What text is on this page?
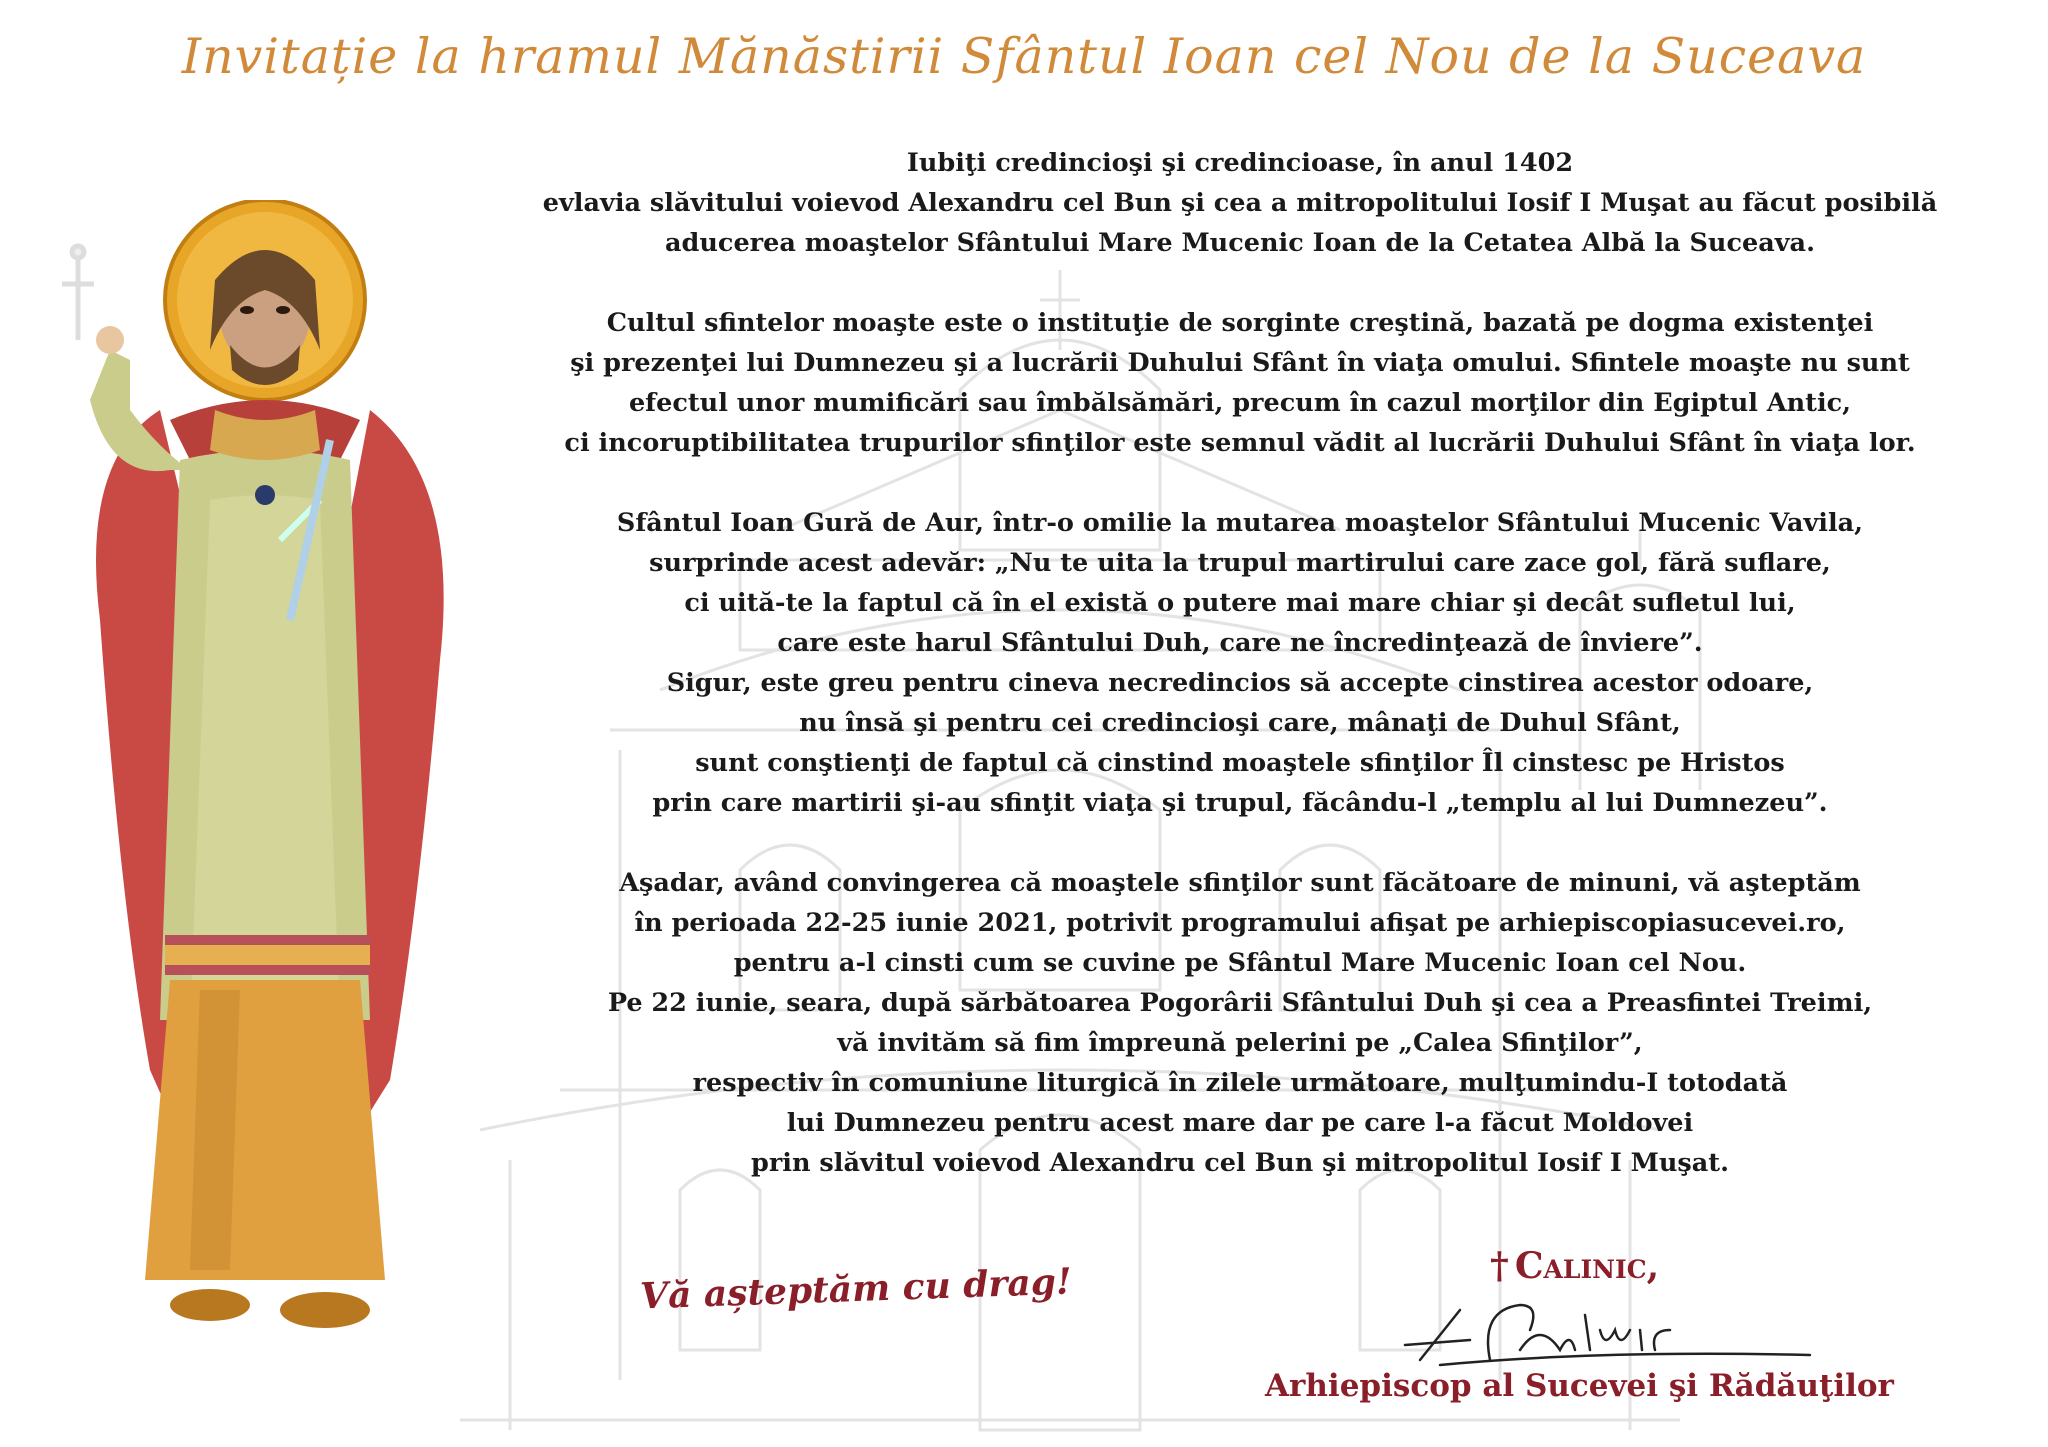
Invitație la hramul Mănăstirii Sfântul Ioan cel Nou de la Suceava

Iubiţi credincioşi şi credincioase, în anul 1402
evlavia slăvitului voievod Alexandru cel Bun şi cea a mitropolitului Iosif I Muşat au făcut posibilă
aducerea moaştelor Sfântului Mare Mucenic Ioan de la Cetatea Albă la Suceava.

Cultul sfintelor moaşte este o instituţie de sorginte creştină, bazată pe dogma existenţei
şi prezenţei lui Dumnezeu şi a lucrării Duhului Sfânt în viaţa omului. Sfintele moaşte nu sunt
efectul unor mumificări sau îmbălsămări, precum în cazul morţilor din Egiptul Antic,
ci incoruptibilitatea trupurilor sfinţilor este semnul vădit al lucrării Duhului Sfânt în viaţa lor.

Sfântul Ioan Gură de Aur, într-o omilie la mutarea moaştelor Sfântului Mucenic Vavila,
surprinde acest adevăr: „Nu te uita la trupul martirului care zace gol, fără suflare,
ci uită-te la faptul că în el există o putere mai mare chiar şi decât sufletul lui,
care este harul Sfântului Duh, care ne încredinţează de înviere”.
Sigur, este greu pentru cineva necredincios să accepte cinstirea acestor odoare,
nu însă şi pentru cei credincioşi care, mânaţi de Duhul Sfânt,
sunt conştienţi de faptul că cinstind moaştele sfinţilor Îl cinstesc pe Hristos
prin care martirii şi-au sfinţit viaţa şi trupul, făcându-l „templu al lui Dumnezeu”.

Aşadar, având convingerea că moaştele sfinţilor sunt făcătoare de minuni, vă aşteptăm
în perioada 22-25 iunie 2021, potrivit programului afişat pe arhiepiscopiasucevei.ro,
pentru a-l cinsti cum se cuvine pe Sfântul Mare Mucenic Ioan cel Nou.
Pe 22 iunie, seara, după sărbătoarea Pogorârii Sfântului Duh şi cea a Preasfintei Treimi,
vă invităm să fim împreună pelerini pe „Calea Sfinţilor”,
respectiv în comuniune liturgică în zilele următoare, mulţumindu-I totodată
lui Dumnezeu pentru acest mare dar pe care l-a făcut Moldovei
prin slăvitul voievod Alexandru cel Bun şi mitropolitul Iosif I Muşat.

Vă așteptăm cu drag!	† Calinic,
Arhiepiscop al Sucevei şi Rădăuţilor
